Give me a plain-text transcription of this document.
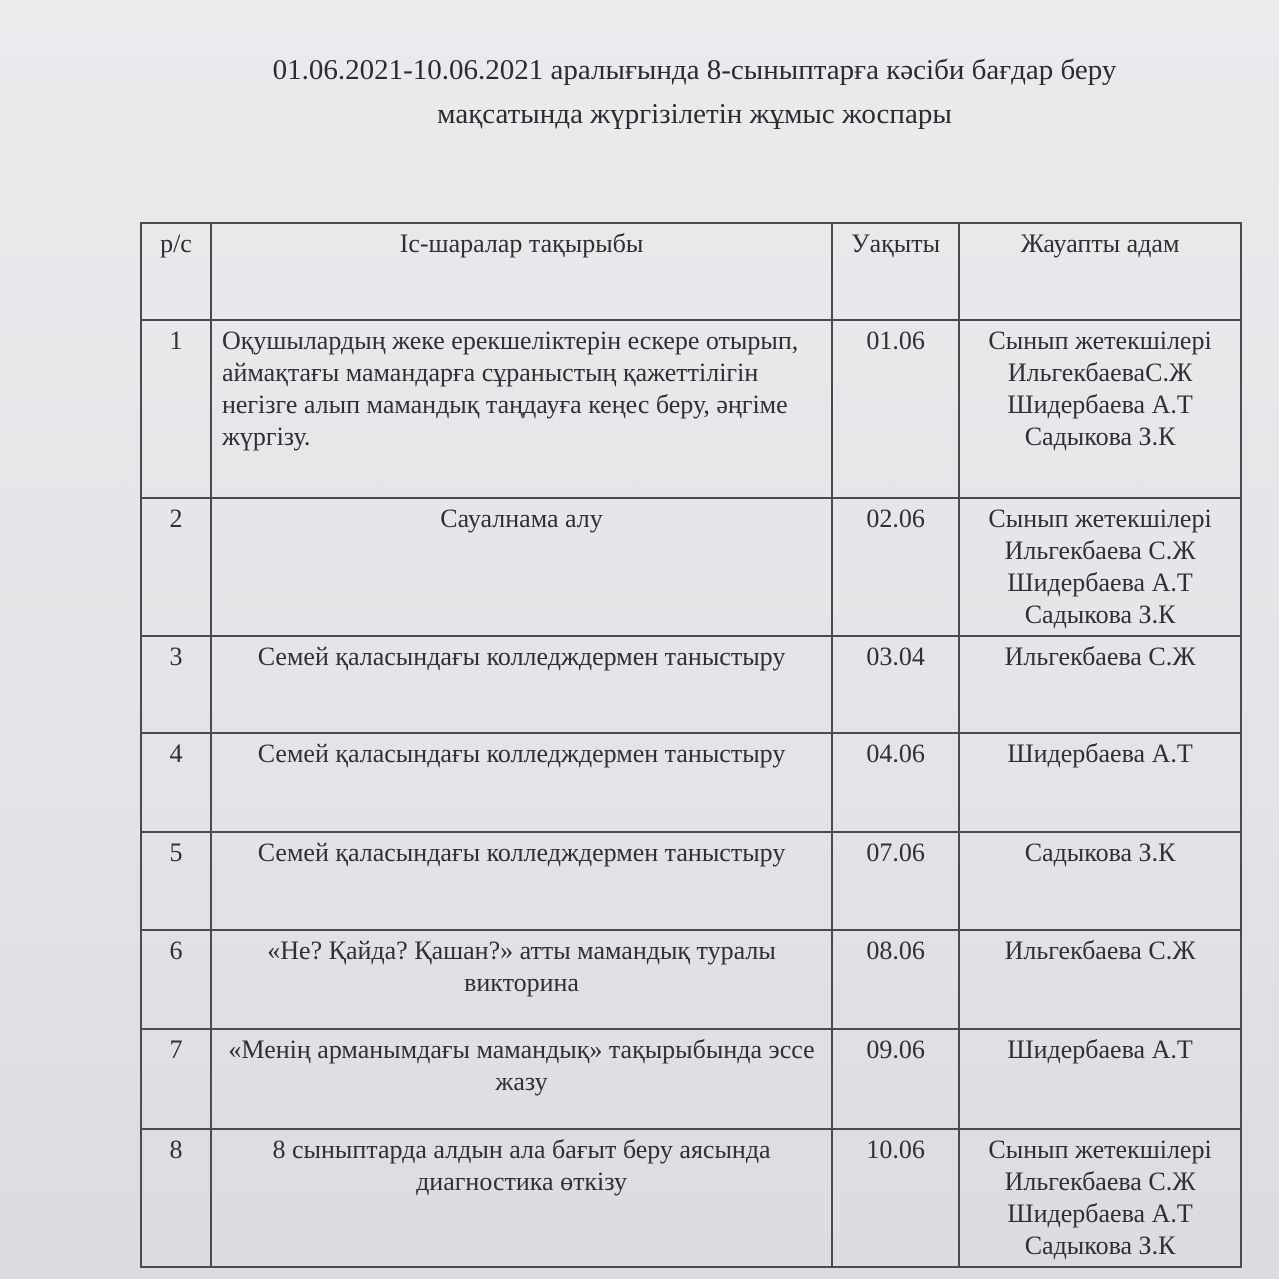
01.06.2021-10.06.2021 аралығында 8-сыныптарға кәсіби бағдар беру
мақсатында жүргізілетін жұмыс жоспары
р/с	Іс-шаралар тақырыбы	Уақыты	Жауапты адам
1	Оқушылардың жеке ерекшеліктерін ескере отырып, аймақтағы мамандарға сұраныстың қажеттілігін негізге алып мамандық таңдауға кеңес беру, әңгіме жүргізу.	01.06	Сынып жетекшілері
ИльгекбаеваС.Ж
Шидербаева А.Т
Садыкова З.К

2	Сауалнама алу	02.06	Сынып жетекшілері
Ильгекбаева С.Ж
Шидербаева А.Т
Садыкова З.К

3	Семей қаласындағы колледждермен таныстыру	03.04	Ильгекбаева С.Ж

4	Семей қаласындағы колледждермен таныстыру	04.06	Шидербаева А.Т

5	Семей қаласындағы колледждермен таныстыру	07.06	Садыкова З.К

6	«Не? Қайда? Қашан?» атты мамандық туралы викторина	08.06	Ильгекбаева С.Ж

7	«Менің арманымдағы мамандық» тақырыбында эссе жазу	09.06	Шидербаева А.Т

8	8 сыныптарда алдын ала бағыт беру аясында диагностика өткізу	10.06	Сынып жетекшілері
Ильгекбаева С.Ж
Шидербаева А.Т
Садыкова З.К
